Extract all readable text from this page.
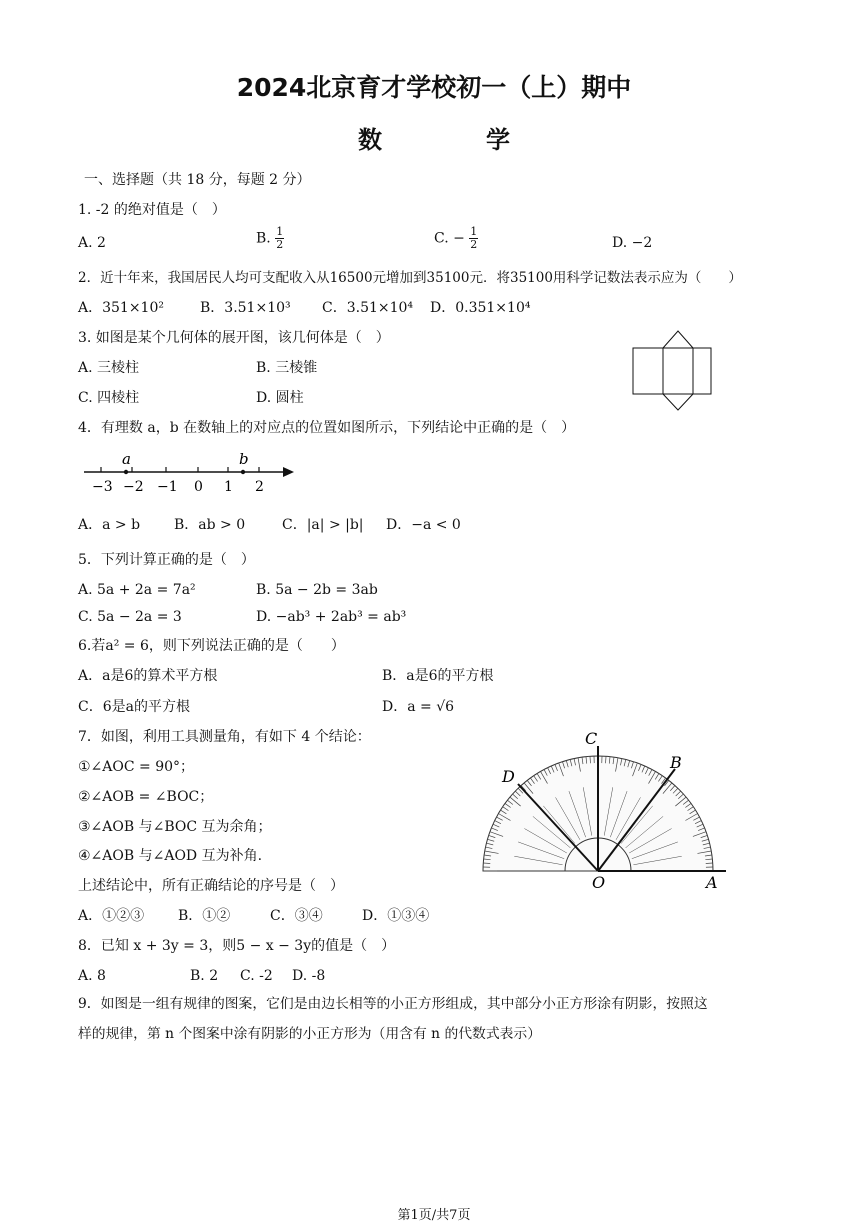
2024北京育才学校初一（上）期中
数　学
一、选择题（共 18 分，每题 2 分）
1. -2 的绝对值是（　）
A. 2	B. $\frac{1}{2}$	C. − $\frac{1}{2}$	D. −2
2．近十年来，我国居民人均可支配收入从16500元增加到35100元．将35100用科学记数法表示应为（　　）
A．351×10²	B．3.51×10³ C．3.51×10⁴ D．0.351×10⁴
3. 如图是某个几何体的展开图，该几何体是（　）
A. 三棱柱	B. 三棱锥
C. 四棱柱	D. 圆柱
4．有理数 a，b 在数轴上的对应点的位置如图所示，下列结论中正确的是（　）
a	b
−3 −2 −1 0 1 2
A．a > b B．ab > 0	C．|a| > |b| D．−a < 0
5．下列计算正确的是（　）
A. 5a + 2a = 7a²	B. 5a − 2b = 3ab
C. 5a − 2a = 3	D. −ab³ + 2ab³ = ab³
6.若a² = 6，则下列说法正确的是（　　）
A．a是6的算术平方根	B．a是6的平方根
C．6是a的平方根	D．a = √6
7．如图，利用工具测量角，有如下 4 个结论：
①∠AOC = 90°；
②∠AOB = ∠BOC；
③∠AOB 与∠BOC 互为余角；
④∠AOB 与∠AOD 互为补角.
上述结论中，所有正确结论的序号是（　）
A．①②③ B．①②	C．③④	D．①③④
C
D
B
O	A
8．已知 x + 3y = 3，则5 − x − 3y的值是（　）
A. 8	B. 2 C. -2 D. -8
9．如图是一组有规律的图案，它们是由边长相等的小正方形组成，其中部分小正方形涂有阴影，按照这
样的规律，第 n 个图案中涂有阴影的小正方形为（用含有 n 的代数式表示）
第1页/共7页
